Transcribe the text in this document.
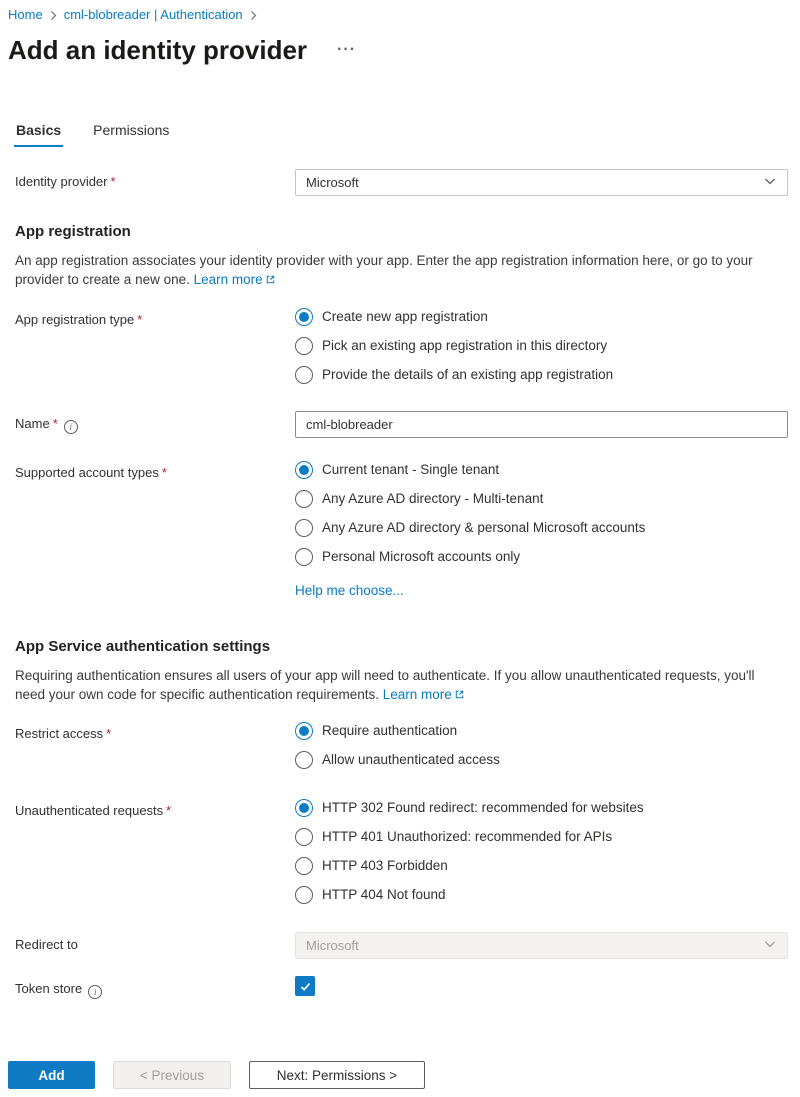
Home cml-blobreader | Authentication
Add an identity provider ···
Basics Permissions
Identity provider *	Microsoft
App registration
An app registration associates your identity provider with your app. Enter the app registration information here, or go to your provider to create a new one. Learn more
App registration type *	Create new app registration
Pick an existing app registration in this directory
Provide the details of an existing app registration
Name * i	cml-blobreader
Supported account types *	Current tenant - Single tenant
Any Azure AD directory - Multi-tenant
Any Azure AD directory & personal Microsoft accounts
Personal Microsoft accounts only
Help me choose...
App Service authentication settings
Requiring authentication ensures all users of your app will need to authenticate. If you allow unauthenticated requests, you'll need your own code for specific authentication requirements. Learn more
Restrict access *	Require authentication
Allow unauthenticated access
Unauthenticated requests *	HTTP 302 Found redirect: recommended for websites
HTTP 401 Unauthorized: recommended for APIs
HTTP 403 Forbidden
HTTP 404 Not found
Redirect to	Microsoft
Token storei
Add	< Previous	Next: Permissions >
